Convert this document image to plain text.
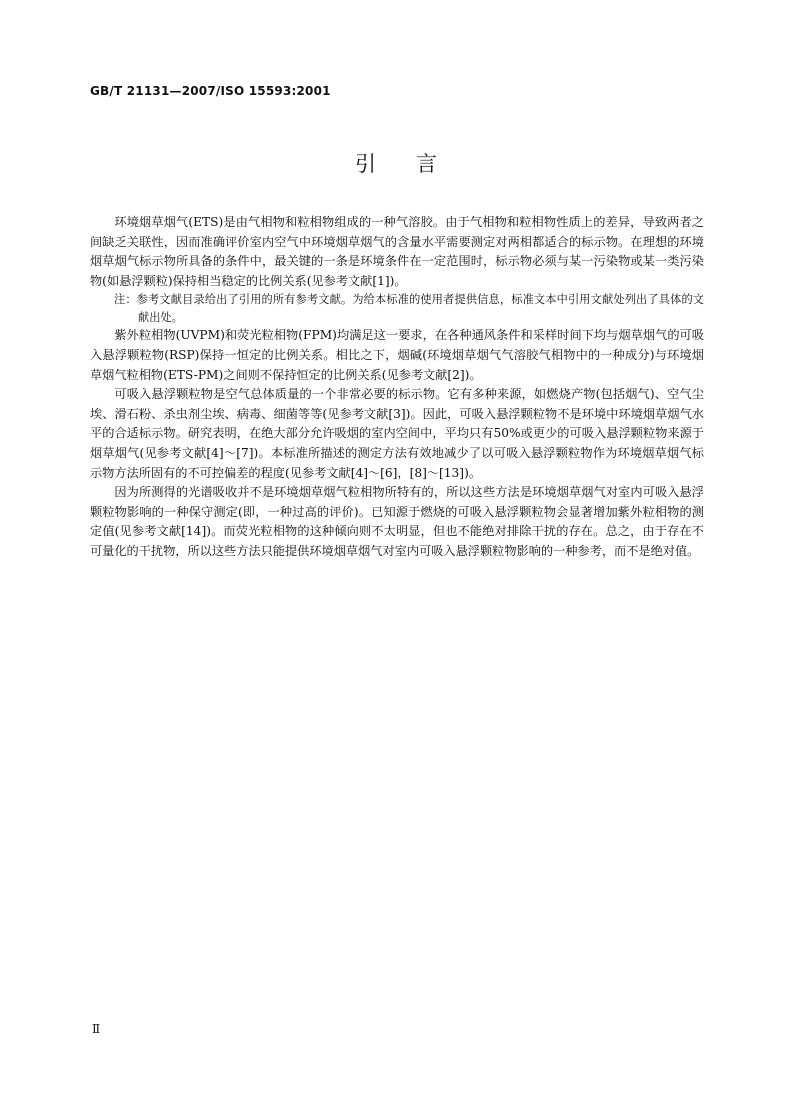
GB/T 21131—2007/ISO 15593:2001
引言

环境烟草烟气(ETS)是由气相物和粒相物组成的一种气溶胶。由于气相物和粒相物性质上的差异，导致两者之间缺乏关联性，因而准确评价室内空气中环境烟草烟气的含量水平需要测定对两相都适合的标示物。在理想的环境烟草烟气标示物所具备的条件中，最关键的一条是环境条件在一定范围时，标示物必须与某一污染物或某一类污染物(如悬浮颗粒)保持相当稳定的比例关系(见参考文献[1])。

注：参考文献目录给出了引用的所有参考文献。为给本标准的使用者提供信息，标准文本中引用文献处列出了具体的文献出处。

紫外粒相物(UVPM)和荧光粒相物(FPM)均满足这一要求，在各种通风条件和采样时间下均与烟草烟气的可吸入悬浮颗粒物(RSP)保持一恒定的比例关系。相比之下，烟碱(环境烟草烟气气溶胶气相物中的一种成分)与环境烟草烟气粒相物(ETS-PM)之间则不保持恒定的比例关系(见参考文献[2])。

可吸入悬浮颗粒物是空气总体质量的一个非常必要的标示物。它有多种来源，如燃烧产物(包括烟气)、空气尘埃、滑石粉、杀虫剂尘埃、病毒、细菌等等(见参考文献[3])。因此，可吸入悬浮颗粒物不是环境中环境烟草烟气水平的合适标示物。研究表明，在绝大部分允许吸烟的室内空间中，平均只有50%或更少的可吸入悬浮颗粒物来源于烟草烟气(见参考文献[4]～[7])。本标准所描述的测定方法有效地减少了以可吸入悬浮颗粒物作为环境烟草烟气标示物方法所固有的不可控偏差的程度(见参考文献[4]～[6]，[8]～[13])。

因为所测得的光谱吸收并不是环境烟草烟气粒相物所特有的，所以这些方法是环境烟草烟气对室内可吸入悬浮颗粒物影响的一种保守测定(即，一种过高的评价)。已知源于燃烧的可吸入悬浮颗粒物会显著增加紫外粒相物的测定值(见参考文献[14])。而荧光粒相物的这种倾向则不太明显，但也不能绝对排除干扰的存在。总之，由于存在不可量化的干扰物，所以这些方法只能提供环境烟草烟气对室内可吸入悬浮颗粒物影响的一种参考，而不是绝对值。

Ⅱ
